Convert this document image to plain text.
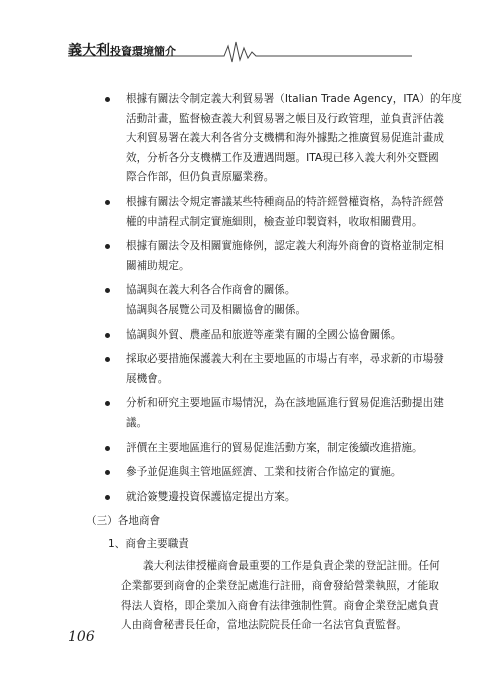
義大利投資環境簡介
根據有關法令制定義大利貿易署（Italian Trade Agency，ITA）的年度
活動計畫，監督檢查義大利貿易署之帳目及行政管理，並負責評估義
大利貿易署在義大利各省分支機構和海外據點之推廣貿易促進計畫成
效，分析各分支機構工作及遭遇問題。ITA現已移入義大利外交暨國
際合作部，但仍負責原屬業務。
根據有關法令規定審議某些特種商品的特許經營權資格，為特許經營
權的申請程式制定實施細則，檢查並印製資料，收取相關費用。
根據有關法令及相關實施條例，認定義大利海外商會的資格並制定相
關補助規定。
協調與在義大利各合作商會的關係。
協調與各展覽公司及相關協會的關係。
協調與外貿、農產品和旅遊等產業有關的全國公協會關係。
採取必要措施保護義大利在主要地區的市場占有率，尋求新的市場發
展機會。
分析和研究主要地區市場情況，為在該地區進行貿易促進活動提出建
議。
評價在主要地區進行的貿易促進活動方案，制定後續改進措施。
參予並促進與主管地區經濟、工業和技術合作協定的實施。
就洽簽雙邊投資保護協定提出方案。
（三）各地商會
1、商會主要職責
義大利法律授權商會最重要的工作是負責企業的登記註冊。任何
企業都要到商會的企業登記處進行註冊，商會發給營業執照，才能取
得法人資格，即企業加入商會有法律強制性質。商會企業登記處負責
人由商會秘書長任命，當地法院院長任命一名法官負責監督。
106
